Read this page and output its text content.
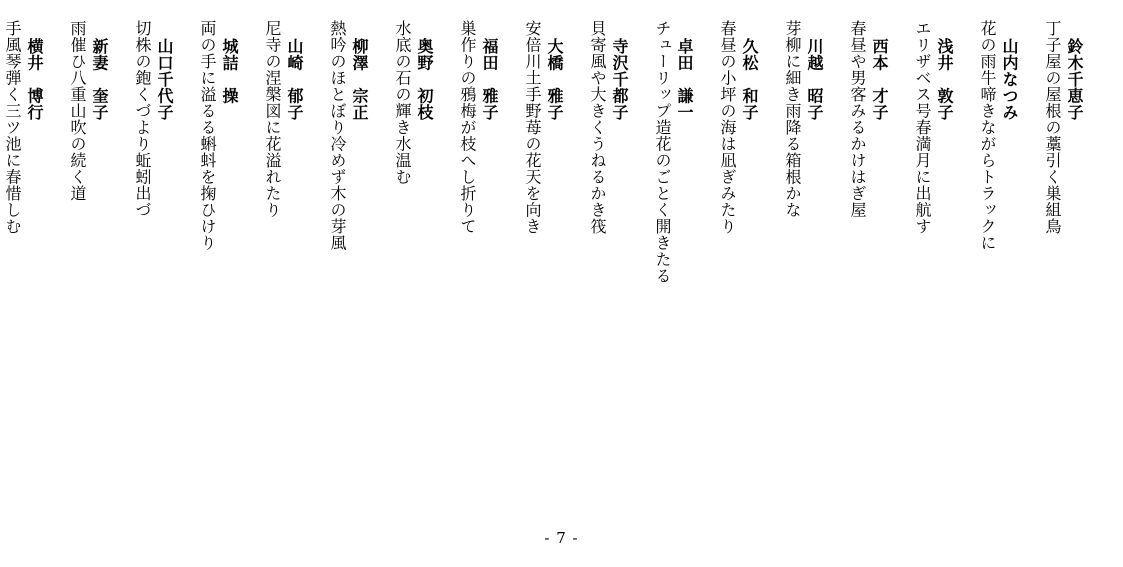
鈴木千恵子
丁子屋の屋根の藁引く巣組鳥
山内なつみ
花の雨牛啼きながらトラックに
浅井　敦子
エリザベス号春満月に出航す
西本　才子
春昼や男客みるかけはぎ屋
川越　昭子
芽柳に細き雨降る箱根かな
久松　和子
春昼の小坪の海は凪ぎみたり
卓田　謙一
チューリップ造花のごとく開きたる
寺沢千都子
貝寄風や大きくうねるかき筏
大橋　雅子
安倍川土手野苺の花天を向き
福田　雅子
巣作りの鴉梅が枝へし折りて
奥野　初枝
水底の石の輝き水温む
柳澤　宗正
熱吟のほとぼり冷めず木の芽風
山崎　郁子
尼寺の涅槃図に花溢れたり
城詰　操
両の手に溢るる蝌蚪を掬ひけり
山口千代子
切株の鉋くづより蚯蚓出づ
新妻　奎子
雨催ひ八重山吹の続く道
横井　博行
手風琴弾く三ツ池に春惜しむ
- 7 -
